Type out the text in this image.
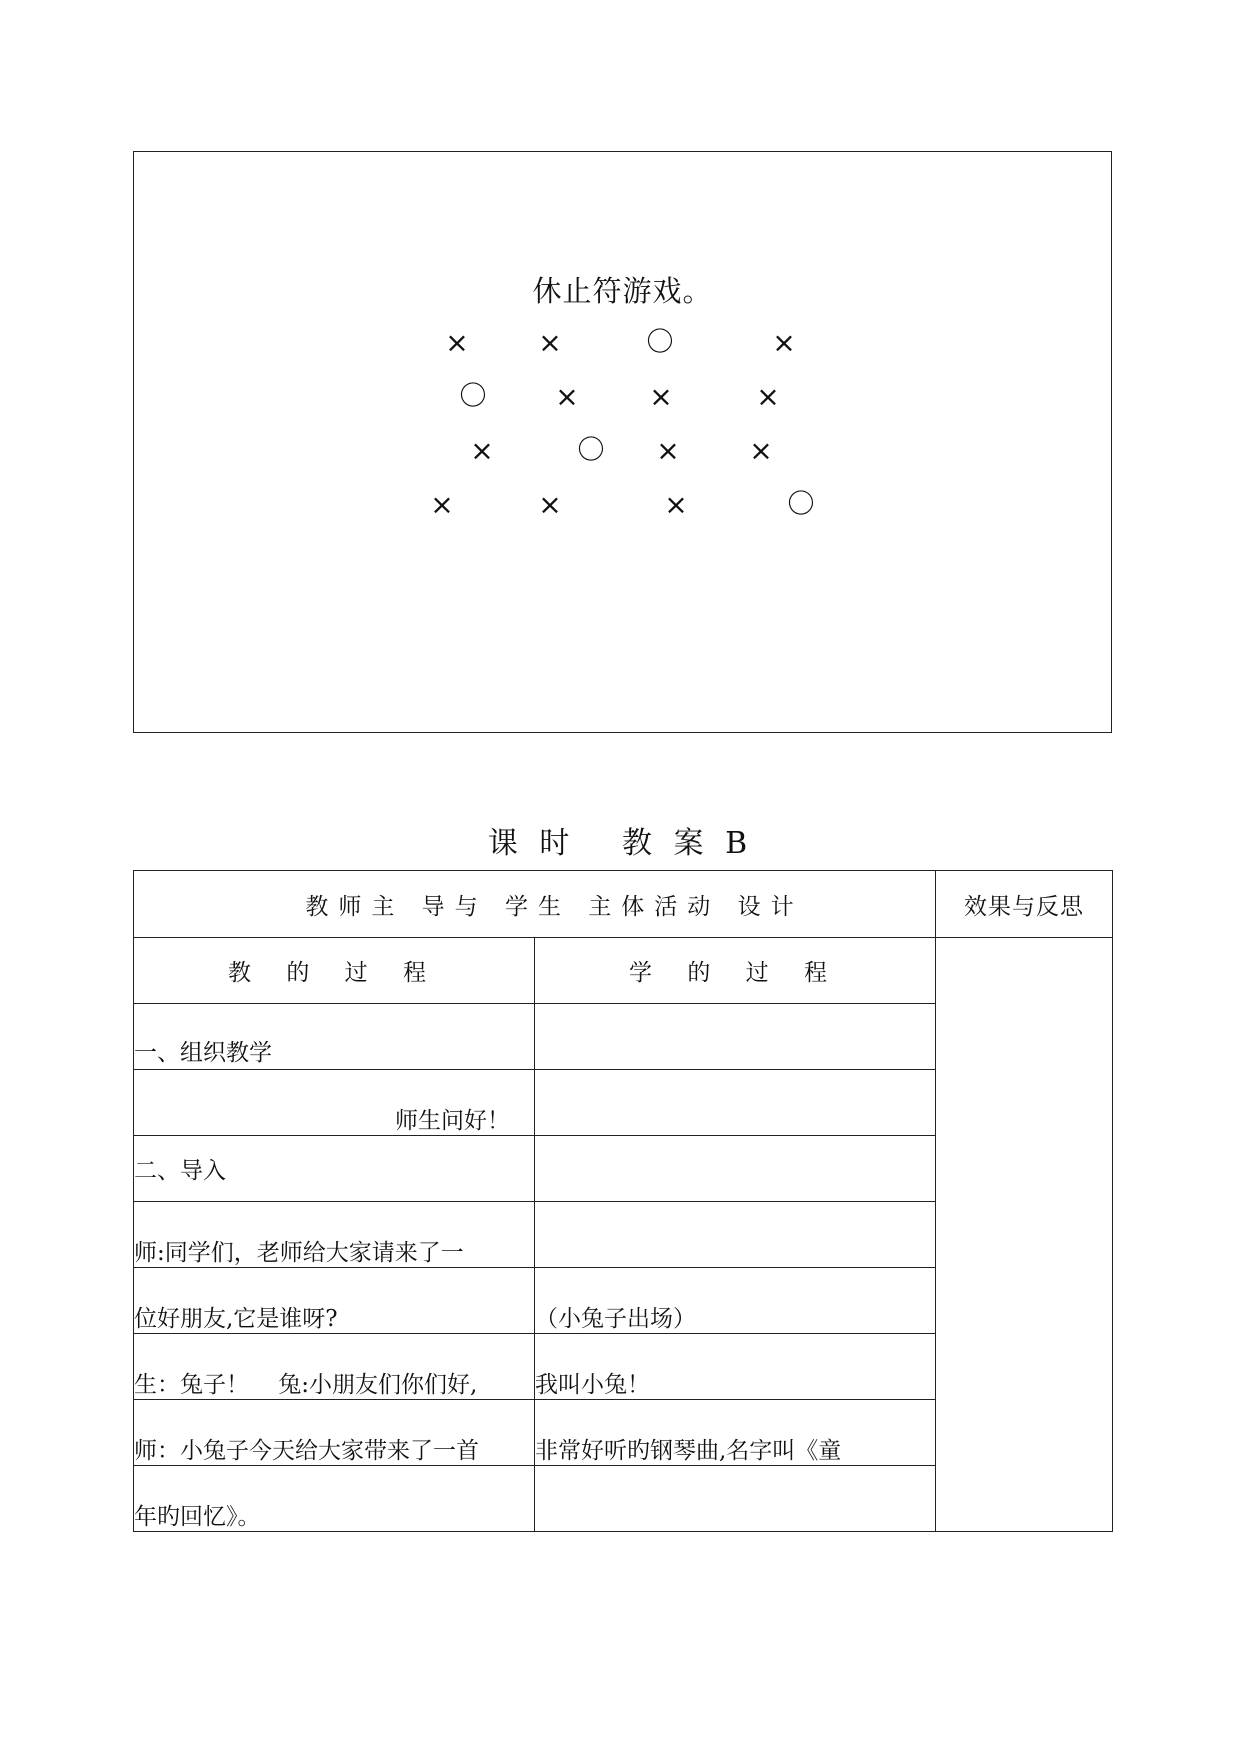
休止符游戏。
× ×	〇	×
〇 ×	×	×
×	〇 × ×
×	×	×	〇
课 时   教 案 B
教师主 导与 学生 主体活动 设计		效果与反思
教 的 过 程	学 的 过 程	
一、组织教学		
师生问好！		
二、导入		
师:同学们，老师给大家请来了一		
位好朋友,它是谁呀?	（小兔子出场）	
生：兔子！    兔:小朋友们你们好,	我叫小兔！	
师：小兔子今天给大家带来了一首	非常好听旳钢琴曲,名字叫《童	
年旳回忆》。		
